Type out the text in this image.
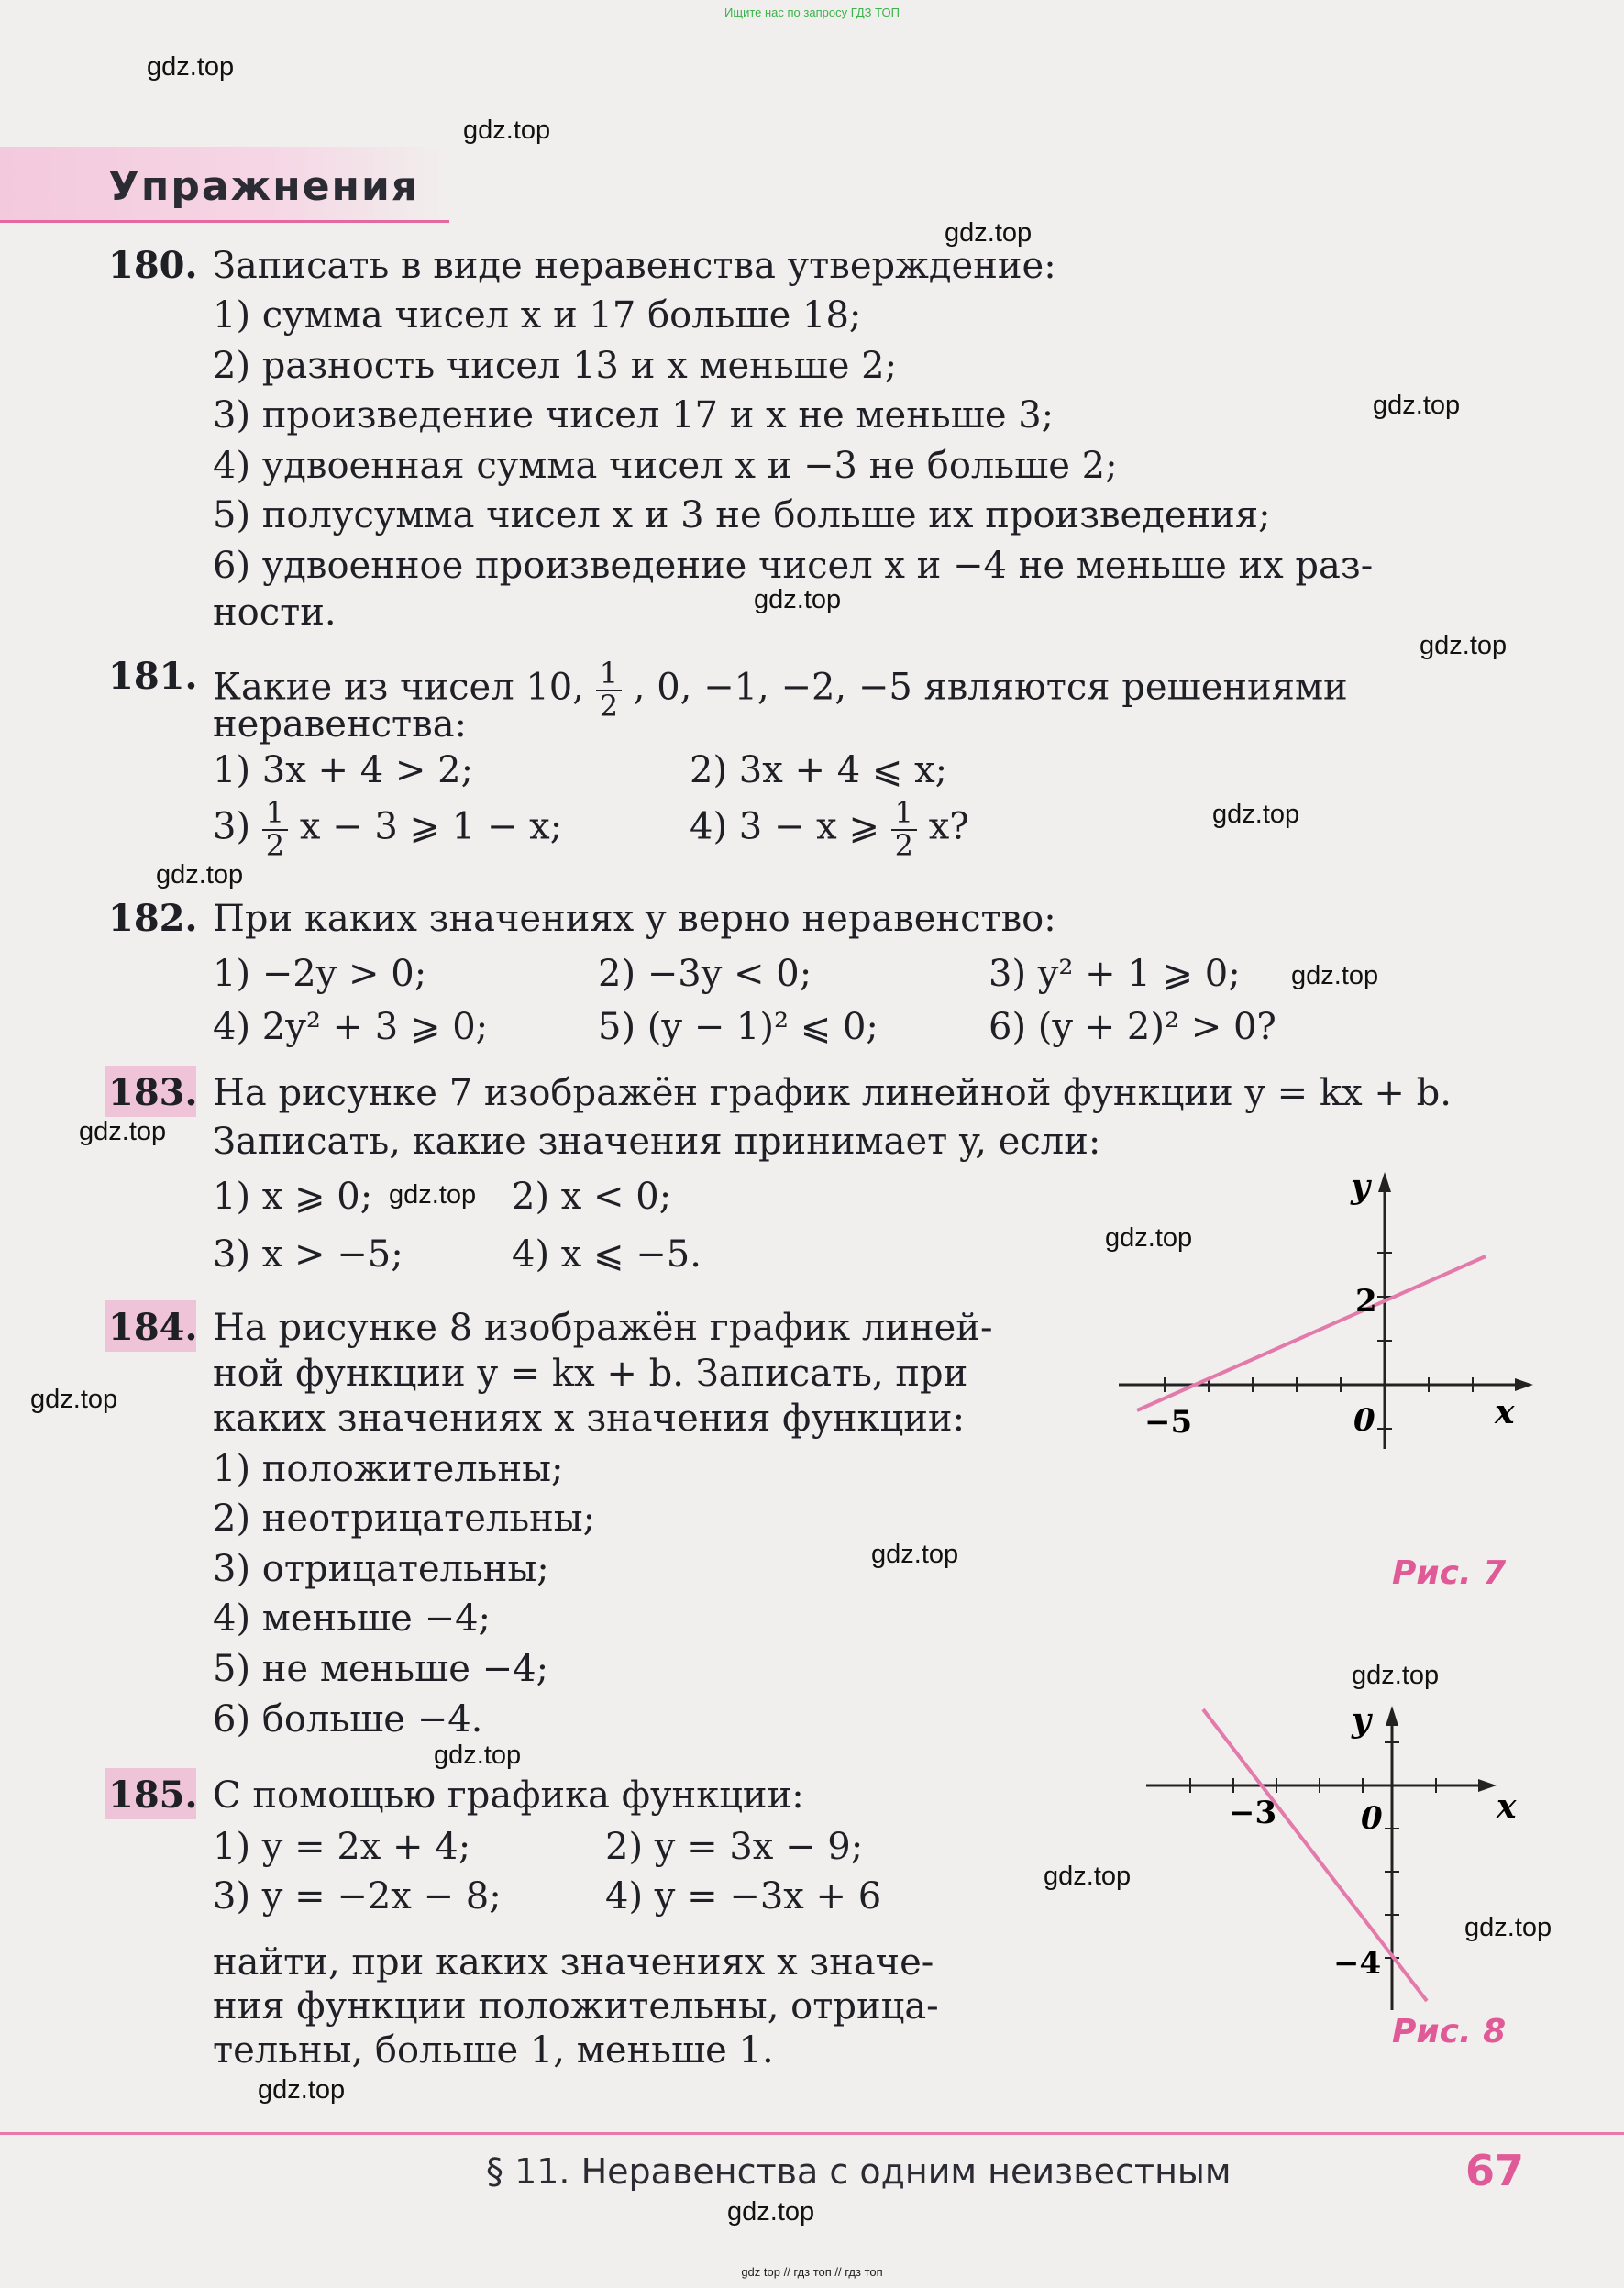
Ищите нас по запросу ГДЗ ТОП
Упражнения
gdz.top
gdz.top
gdz.top
gdz.top
gdz.top
gdz.top
gdz.top
gdz.top
gdz.top
gdz.top
gdz.top
gdz.top
gdz.top
gdz.top
gdz.top
gdz.top
gdz.top
gdz.top
gdz.top
gdz.top
180. Записать в виде неравенства утверждение:
1) сумма чисел x и 17 больше 18;
2) разность чисел 13 и x меньше 2;
3) произведение чисел 17 и x не меньше 3;
4) удвоенная сумма чисел x и −3 не больше 2;
5) полусумма чисел x и 3 не больше их произведения;
6) удвоенное произведение чисел x и −4 не меньше их раз-
ности.
181. Какие из чисел 10, $\frac{1}{2}$ , 0, −1, −2, −5 являются решениями
неравенства:
1) 3x + 4 > 2;	2) 3x + 4 ⩽ x;
$3) \frac{1}{2}$ x − 3 ⩾ 1 − x;	4) 3 − x ⩾ $\frac{1}{2} x$?
182. При каких значениях y верно неравенство:
1) −2y > 0;	2) −3y < 0;	3) y² + 1 ⩾ 0;
4) 2y² + 3 ⩾ 0;	5) (y − 1)² ⩽ 0;	6) (y + 2)² > 0?
183. На рисунке 7 изображён график линейной функции y = kx + b.
Записать, какие значения принимает y, если:
1) x ⩾ 0;	2) x < 0;
3) x > −5;	4) x ⩽ −5.
184. На рисунке 8 изображён график линей-
ной функции y = kx + b. Записать, при
каких значениях x значения функции:
1) положительны;
2) неотрицательны;
3) отрицательны;
4) меньше −4;
5) не меньше −4;
6) больше −4.
185. С помощью графика функции:
1) y = 2x + 4;	2) y = 3x − 9;
3) y = −2x − 8;	4) y = −3x + 6
найти, при каких значениях x значе-
ния функции положительны, отрица-
тельны, больше 1, меньше 1.
0
2
−5
y
x
Рис. 7
0
−3
−4
y
x
Рис. 8
§ 11. Неравенства с одним неизвестным	67
gdz top // гдз топ // гдз топ
